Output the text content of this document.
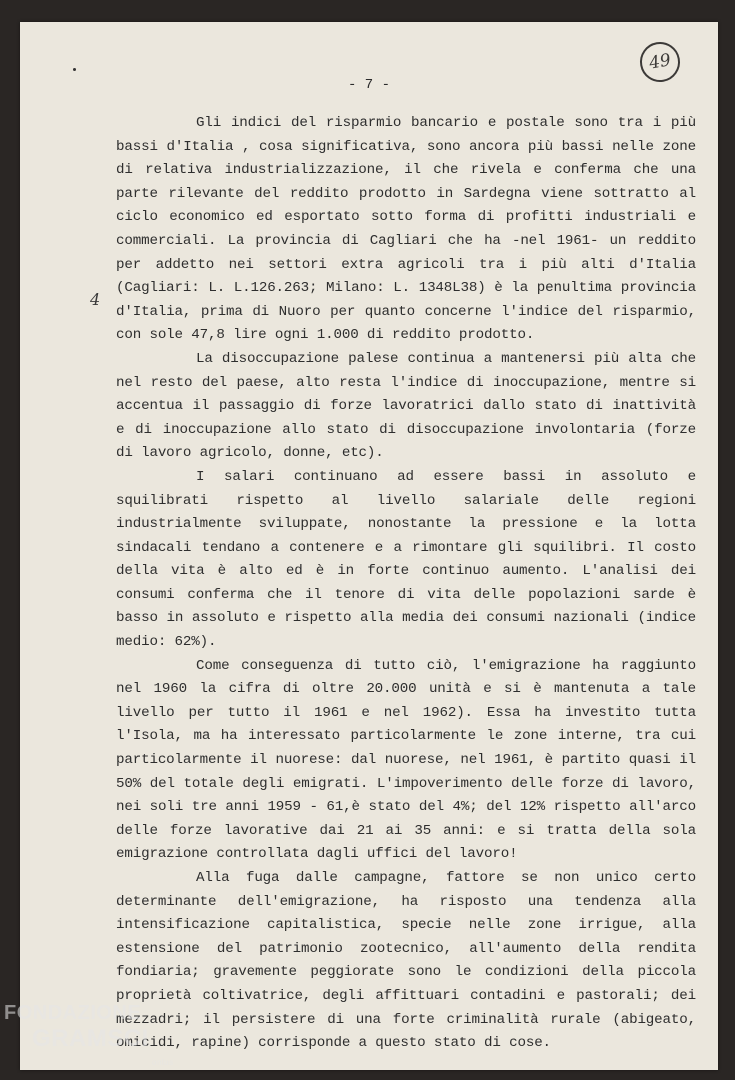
49
- 7 -
4

Gli indici del risparmio bancario e postale sono tra i più bassi d'Italia , cosa significativa, sono ancora più bassi nelle zone di relativa industrializzazione, il che rivela e conferma che una parte rilevante del reddito prodotto in Sardegna viene sottratto al ciclo economico ed esportato sotto forma di profitti industriali e commerciali. La provincia di Cagliari che ha -nel 1961- un reddito per addetto nei settori extra agricoli tra i più alti d'Italia (Cagliari: L. L.126.263; Milano: L. 1348L38) è la penultima provincia d'Italia, prima di Nuoro per quanto concerne l'indice del risparmio, con sole 47,8 lire ogni 1.000 di reddito prodotto.

La disoccupazione palese continua a mantenersi più alta che nel resto del paese, alto resta l'indice di inoccupazione, mentre si accentua il passaggio di forze lavoratrici dallo stato di inattività e di inoccupazione allo stato di disoccupazione involontaria (forze di lavoro agricolo, donne, etc).

I salari continuano ad essere bassi in assoluto e squilibrati rispetto al livello salariale delle regioni industrialmente sviluppate, nonostante la pressione e la lotta sindacali tendano a contenere e a rimontare gli squilibri. Il costo della vita è alto ed è in forte continuo aumento. L'analisi dei consumi conferma che il tenore di vita delle popolazioni sarde è basso in assoluto e rispetto alla media dei consumi nazionali (indice medio: 62%).

Come conseguenza di tutto ciò, l'emigrazione ha raggiunto nel 1960 la cifra di oltre 20.000 unità e si è mantenuta a tale livello per tutto il 1961 e nel 1962). Essa ha investito tutta l'Isola, ma ha interessato particolarmente le zone interne, tra cui particolarmente il nuorese: dal nuorese, nel 1961, è partito quasi il 50% del totale degli emigrati. L'impoverimento delle forze di lavoro, nei soli tre anni 1959 - 61,è stato del 4%; del 12% rispetto all'arco delle forze lavorative dai 21 ai 35 anni: e si tratta della sola emigrazione controllata dagli uffici del lavoro!

Alla fuga dalle campagne, fattore se non unico certo determinante dell'emigrazione, ha risposto una tendenza alla intensificazione capitalistica, specie nelle zone irrigue, alla estensione del patrimonio zootecnico, all'aumento della rendita fondiaria; gravemente peggiorate sono le condizioni della piccola proprietà coltivatrice, degli affittuari contadini e pastorali; dei mezzadri; il persistere di una forte criminalità rurale (abigeato, omicidi, rapine) corrisponde a questo stato di cose.

FONDAZIONE
GRAMSCI
onlus
